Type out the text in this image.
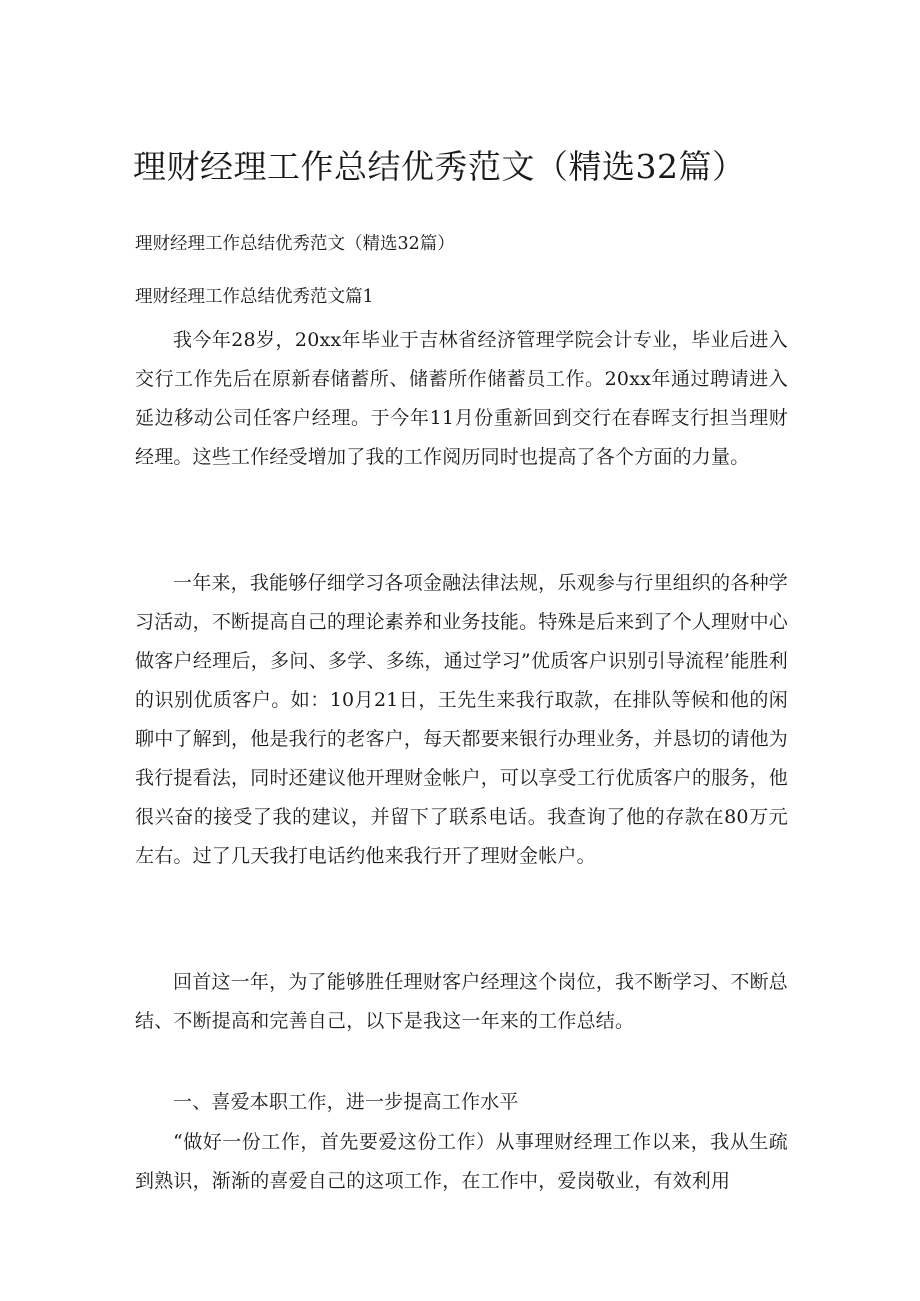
理财经理工作总结优秀范文（精选32篇）

理财经理工作总结优秀范文（精选32篇）

理财经理工作总结优秀范文篇1

我今年28岁，20xx年毕业于吉林省经济管理学院会计专业，毕业后进入交行工作先后在原新春储蓄所、储蓄所作储蓄员工作。20xx年通过聘请进入延边移动公司任客户经理。于今年11月份重新回到交行在春晖支行担当理财经理。这些工作经受增加了我的工作阅历同时也提高了各个方面的力量。

一年来，我能够仔细学习各项金融法律法规，乐观参与行里组织的各种学习活动，不断提高自己的理论素养和业务技能。特殊是后来到了个人理财中心做客户经理后，多问、多学、多练，通过学习”优质客户识别引导流程’能胜利的识别优质客户。如：10月21日，王先生来我行取款，在排队等候和他的闲聊中了解到，他是我行的老客户，每天都要来银行办理业务，并恳切的请他为我行提看法，同时还建议他开理财金帐户，可以享受工行优质客户的服务，他很兴奋的接受了我的建议，并留下了联系电话。我查询了他的存款在80万元左右。过了几天我打电话约他来我行开了理财金帐户。

回首这一年，为了能够胜任理财客户经理这个岗位，我不断学习、不断总结、不断提高和完善自己，以下是我这一年来的工作总结。

一、喜爱本职工作，进一步提高工作水平

“做好一份工作，首先要爱这份工作）从事理财经理工作以来，我从生疏到熟识，渐渐的喜爱自己的这项工作，在工作中，爱岗敬业，有效利用
